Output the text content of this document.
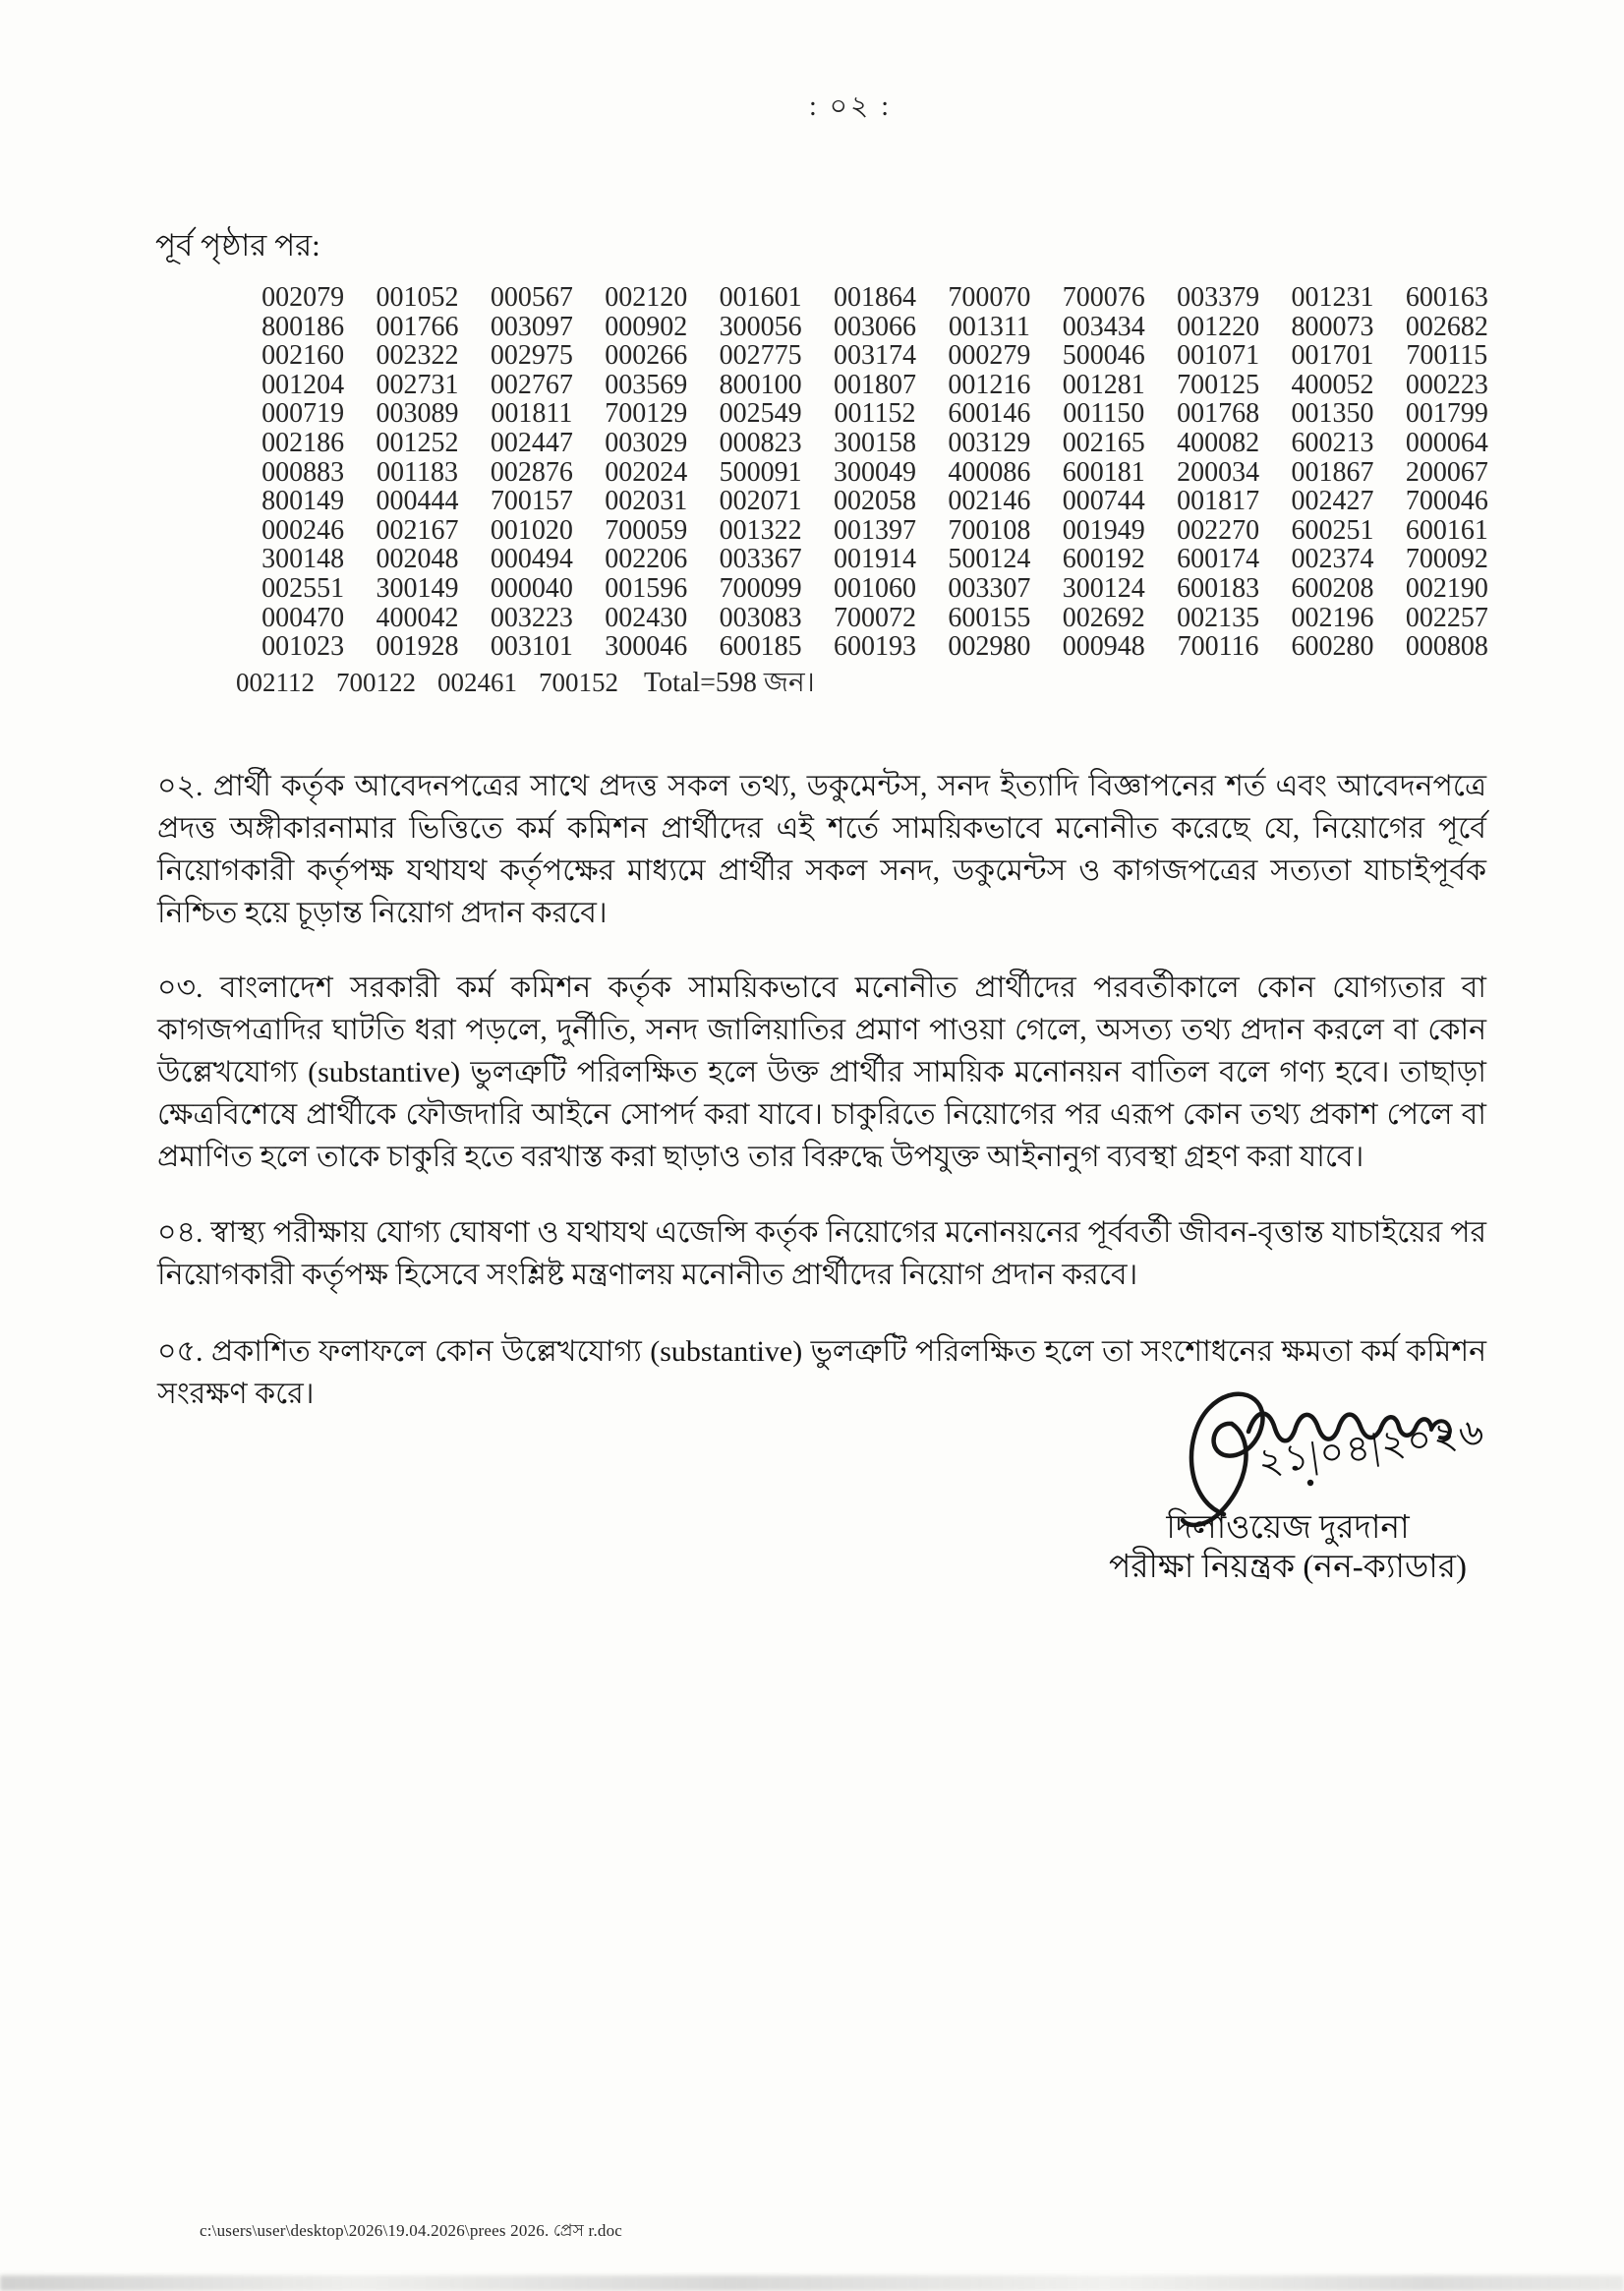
: ০২ :
পূর্ব পৃষ্ঠার পর:
002079	001052	000567	002120	001601	001864	700070	700076	003379	001231	600163
800186	001766	003097	000902	300056	003066	001311	003434	001220	800073	002682
002160	002322	002975	000266	002775	003174	000279	500046	001071	001701	700115
001204	002731	002767	003569	800100	001807	001216	001281	700125	400052	000223
000719	003089	001811	700129	002549	001152	600146	001150	001768	001350	001799
002186	001252	002447	003029	000823	300158	003129	002165	400082	600213	000064
000883	001183	002876	002024	500091	300049	400086	600181	200034	001867	200067
800149	000444	700157	002031	002071	002058	002146	000744	001817	002427	700046
000246	002167	001020	700059	001322	001397	700108	001949	002270	600251	600161
300148	002048	000494	002206	003367	001914	500124	600192	600174	002374	700092
002551	300149	000040	001596	700099	001060	003307	300124	600183	600208	002190
000470	400042	003223	002430	003083	700072	600155	002692	002135	002196	002257
001023	001928	003101	300046	600185	600193	002980	000948	700116	600280	000808
002112 700122 002461 700152 Total=598 জন।

০২. প্রার্থী কর্তৃক আবেদনপত্রের সাথে প্রদত্ত সকল তথ্য, ডকুমেন্টস, সনদ ইত্যাদি বিজ্ঞাপনের শর্ত এবং আবেদনপত্রে প্রদত্ত অঙ্গীকারনামার ভিত্তিতে কর্ম কমিশন প্রার্থীদের এই শর্তে সাময়িকভাবে মনোনীত করেছে যে, নিয়োগের পূর্বে নিয়োগকারী কর্তৃপক্ষ যথাযথ কর্তৃপক্ষের মাধ্যমে প্রার্থীর সকল সনদ, ডকুমেন্টস ও কাগজপত্রের সত্যতা যাচাইপূর্বক নিশ্চিত হয়ে চূড়ান্ত নিয়োগ প্রদান করবে।

০৩. বাংলাদেশ সরকারী কর্ম কমিশন কর্তৃক সাময়িকভাবে মনোনীত প্রার্থীদের পরবর্তীকালে কোন যোগ্যতার বা কাগজপত্রাদির ঘাটতি ধরা পড়লে, দুর্নীতি, সনদ জালিয়াতির প্রমাণ পাওয়া গেলে, অসত্য তথ্য প্রদান করলে বা কোন উল্লেখযোগ্য (substantive) ভুলত্রুটি পরিলক্ষিত হলে উক্ত প্রার্থীর সাময়িক মনোনয়ন বাতিল বলে গণ্য হবে। তাছাড়া ক্ষেত্রবিশেষে প্রার্থীকে ফৌজদারি আইনে সোপর্দ করা যাবে। চাকুরিতে নিয়োগের পর এরূপ কোন তথ্য প্রকাশ পেলে বা প্রমাণিত হলে তাকে চাকুরি হতে বরখাস্ত করা ছাড়াও তার বিরুদ্ধে উপযুক্ত আইনানুগ ব্যবস্থা গ্রহণ করা যাবে।

০৪. স্বাস্থ্য পরীক্ষায় যোগ্য ঘোষণা ও যথাযথ এজেন্সি কর্তৃক নিয়োগের মনোনয়নের পূর্ববর্তী জীবন-বৃত্তান্ত যাচাইয়ের পর নিয়োগকারী কর্তৃপক্ষ হিসেবে সংশ্লিষ্ট মন্ত্রণালয় মনোনীত প্রার্থীদের নিয়োগ প্রদান করবে।

০৫. প্রকাশিত ফলাফলে কোন উল্লেখযোগ্য (substantive) ভুলত্রুটি পরিলক্ষিত হলে তা সংশোধনের ক্ষমতা কর্ম কমিশন সংরক্ষণ করে।

২১|০৪|২০২৬
দিলাওয়েজ দুরদানা
পরীক্ষা নিয়ন্ত্রক (নন-ক্যাডার)
c:\users\user\desktop\2026\19.04.2026\prees 2026. প্রেস r.doc
